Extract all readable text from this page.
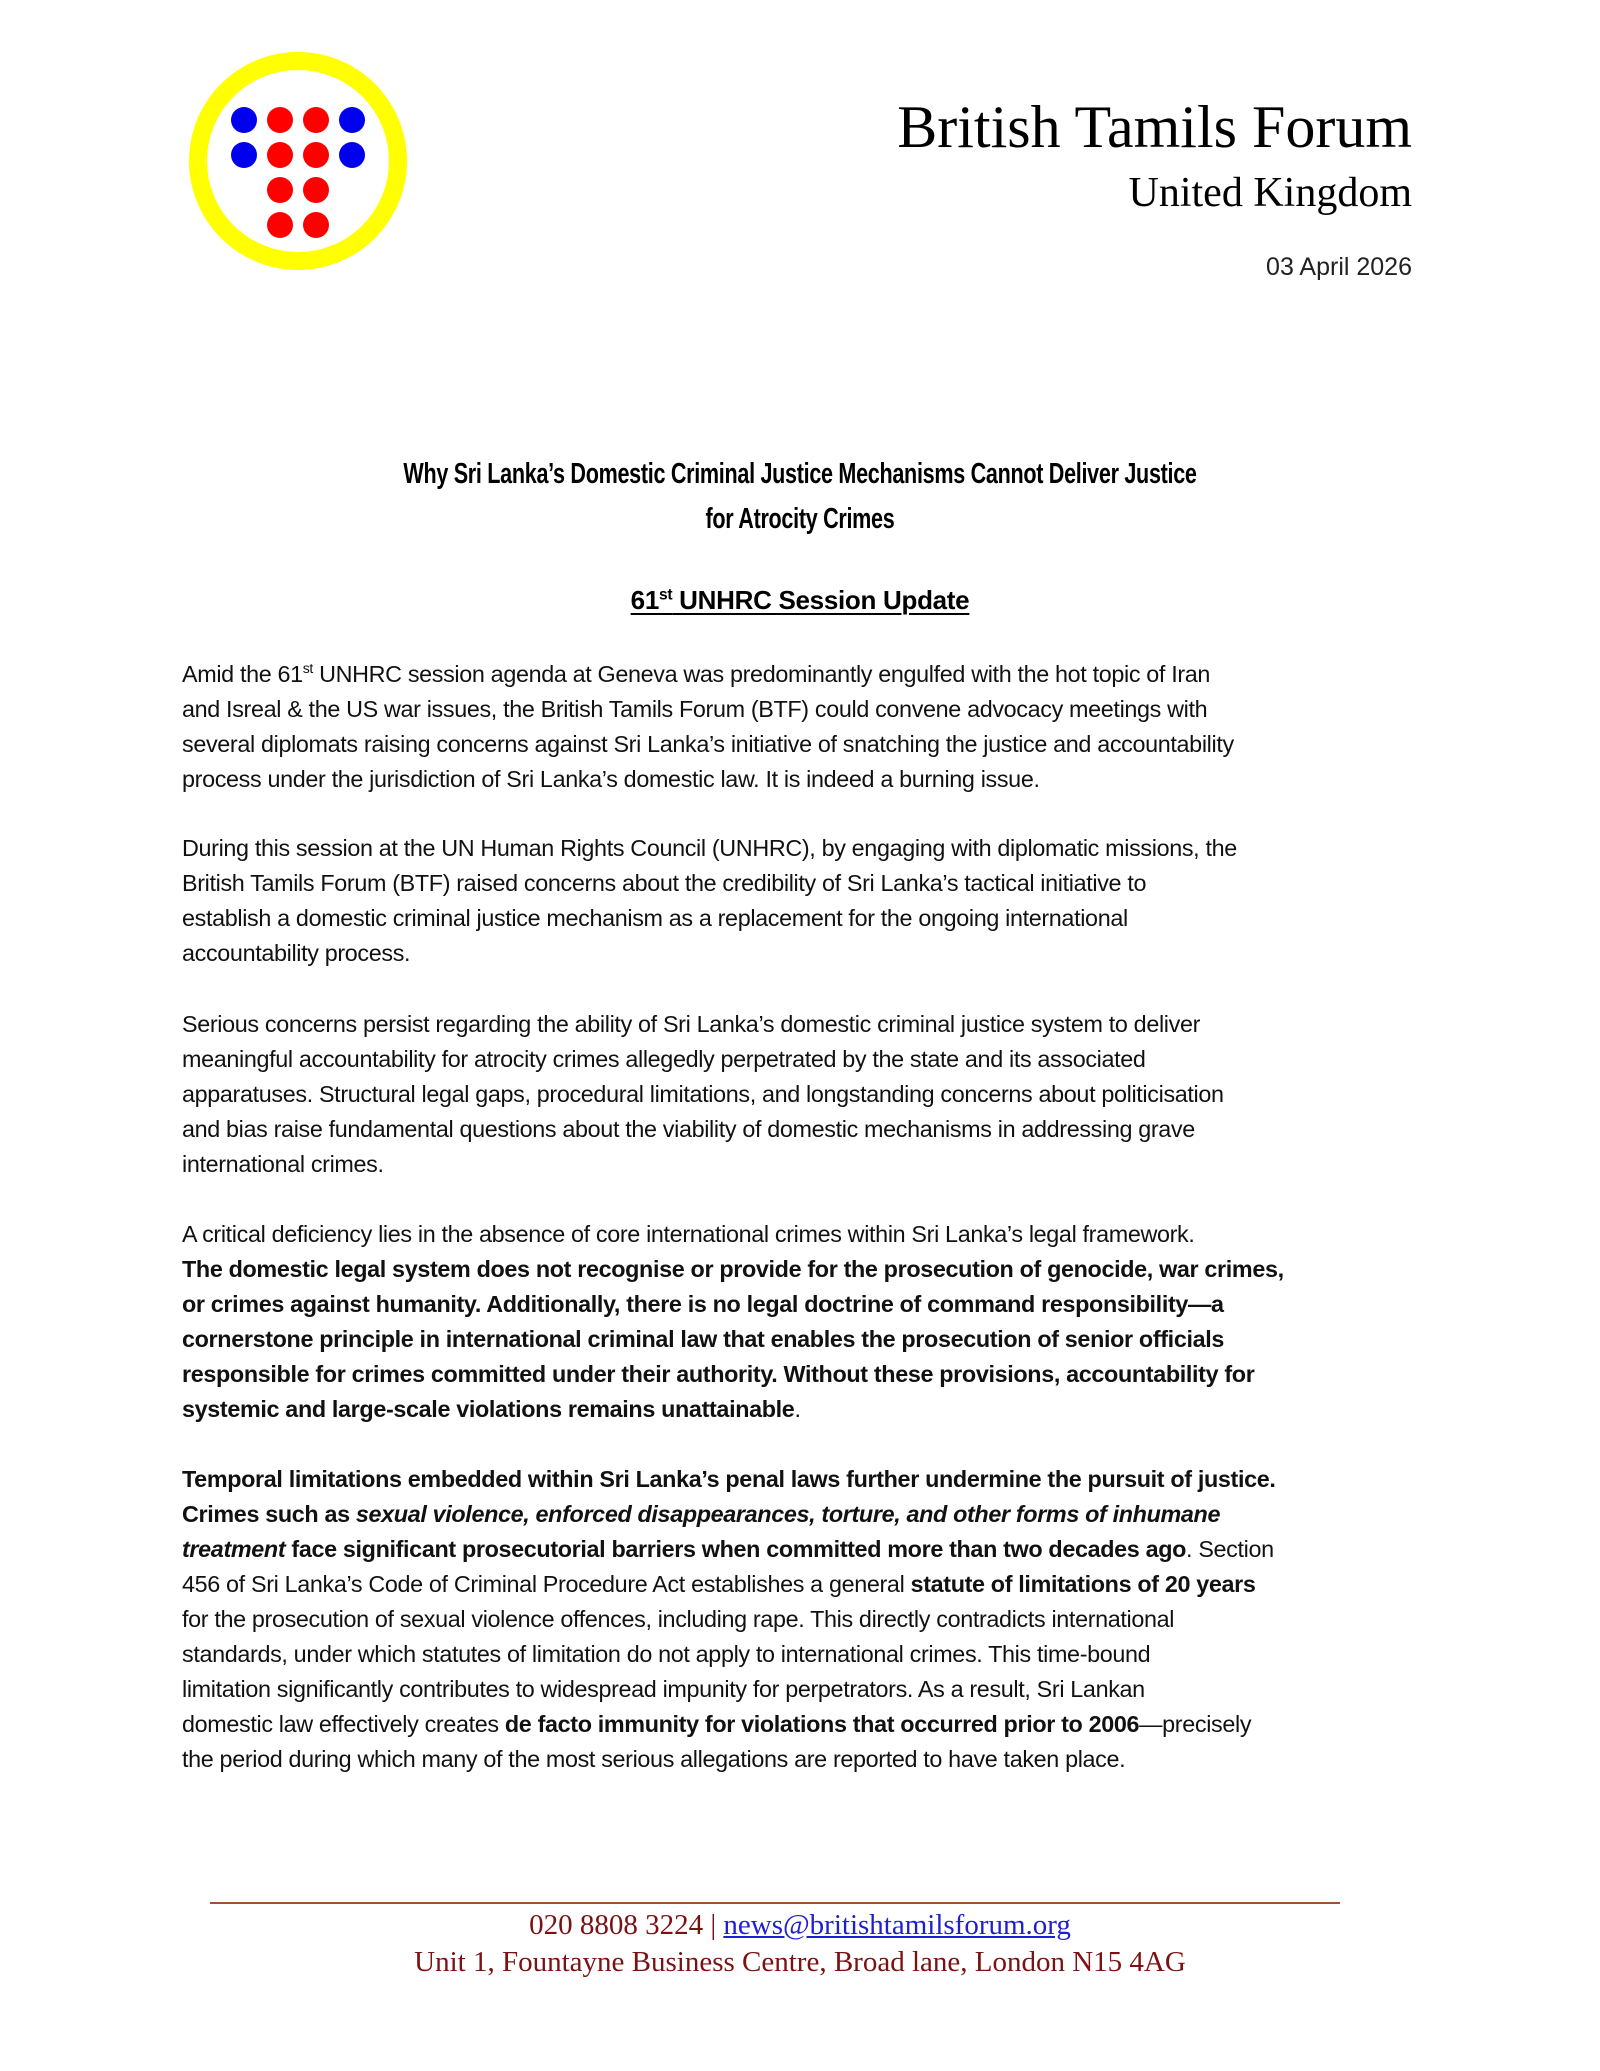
British Tamils Forum
United Kingdom
03 April 2026
Why Sri Lanka’s Domestic Criminal Justice Mechanisms Cannot Deliver Justice
for Atrocity Crimes
61st UNHRC Session Update
Amid the 61st UNHRC session agenda at Geneva was predominantly engulfed with the hot topic of Iran
and Isreal & the US war issues, the British Tamils Forum (BTF) could convene advocacy meetings with
several diplomats raising concerns against Sri Lanka’s initiative of snatching the justice and accountability
process under the jurisdiction of Sri Lanka’s domestic law. It is indeed a burning issue.
During this session at the UN Human Rights Council (UNHRC), by engaging with diplomatic missions, the
British Tamils Forum (BTF) raised concerns about the credibility of Sri Lanka’s tactical initiative to
establish a domestic criminal justice mechanism as a replacement for the ongoing international
accountability process.
Serious concerns persist regarding the ability of Sri Lanka’s domestic criminal justice system to deliver
meaningful accountability for atrocity crimes allegedly perpetrated by the state and its associated
apparatuses. Structural legal gaps, procedural limitations, and longstanding concerns about politicisation
and bias raise fundamental questions about the viability of domestic mechanisms in addressing grave
international crimes.
A critical deficiency lies in the absence of core international crimes within Sri Lanka’s legal framework.
The domestic legal system does not recognise or provide for the prosecution of genocide, war crimes,
or crimes against humanity. Additionally, there is no legal doctrine of command responsibility—a
cornerstone principle in international criminal law that enables the prosecution of senior officials
responsible for crimes committed under their authority. Without these provisions, accountability for
systemic and large-scale violations remains unattainable.
Temporal limitations embedded within Sri Lanka’s penal laws further undermine the pursuit of justice.
Crimes such as sexual violence, enforced disappearances, torture, and other forms of inhumane
treatment face significant prosecutorial barriers when committed more than two decades ago. Section
456 of Sri Lanka’s Code of Criminal Procedure Act establishes a general statute of limitations of 20 years
for the prosecution of sexual violence offences, including rape. This directly contradicts international
standards, under which statutes of limitation do not apply to international crimes. This time-bound
limitation significantly contributes to widespread impunity for perpetrators. As a result, Sri Lankan
domestic law effectively creates de facto immunity for violations that occurred prior to 2006—precisely
the period during which many of the most serious allegations are reported to have taken place.
020 8808 3224 | news@britishtamilsforum.org
Unit 1, Fountayne Business Centre, Broad lane, London N15 4AG
